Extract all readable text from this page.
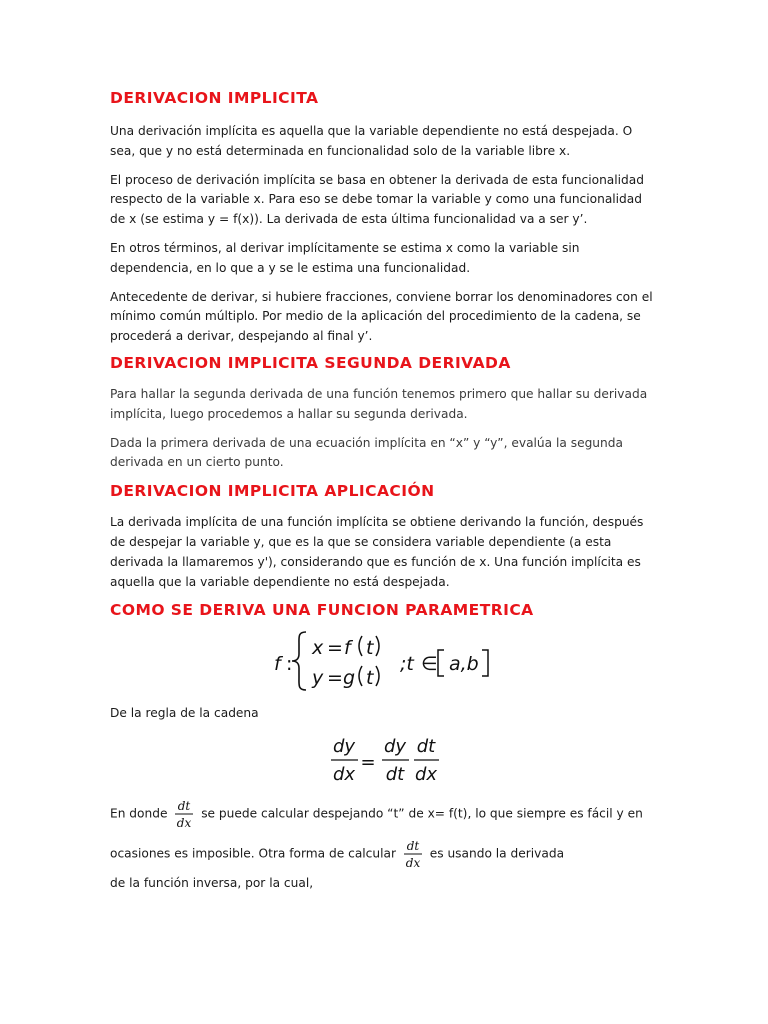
DERIVACION IMPLICITA

Una derivación implícita es aquella que la variable dependiente no está despejada. O sea, que y no está determinada en funcionalidad solo de la variable libre x.

El proceso de derivación implícita se basa en obtener la derivada de esta funcionalidad respecto de la variable x. Para eso se debe tomar la variable y como una funcionalidad de x (se estima y = f(x)). La derivada de esta última funcionalidad va a ser y’.

En otros términos, al derivar implícitamente se estima x como la variable sin dependencia, en lo que a y se le estima una funcionalidad.

Antecedente de derivar, si hubiere fracciones, conviene borrar los denominadores con el mínimo común múltiplo. Por medio de la aplicación del procedimiento de la cadena, se procederá a derivar, despejando al final y’.

DERIVACION IMPLICITA SEGUNDA DERIVADA

Para hallar la segunda derivada de una función tenemos primero que hallar su derivada implícita, luego procedemos a hallar su segunda derivada.

Dada la primera derivada de una ecuación implícita en “x” y “y”, evalúa la segunda derivada en un cierto punto.

DERIVACION IMPLICITA APLICACIÓN

La derivada implícita de una función implícita se obtiene derivando la función, después de despejar la variable y, que es la que se considera variable dependiente (a esta derivada la llamaremos y'), considerando que es función de x. Una función implícita es aquella que la variable dependiente no está despejada.

COMO SE DERIVA UNA FUNCION PARAMETRICA
f :
x = f t
y = g t
;t ∈ a,b

De la regla de la cadena

dy
dx
=
dy
dt
dt
dx
En donde
dt
dx
se puede calcular despejando “t” de x= f(t), lo que siempre es fácil y en
ocasiones es imposible. Otra forma de calcular
dt
dx
es usando la derivada

de la función inversa, por la cual,
